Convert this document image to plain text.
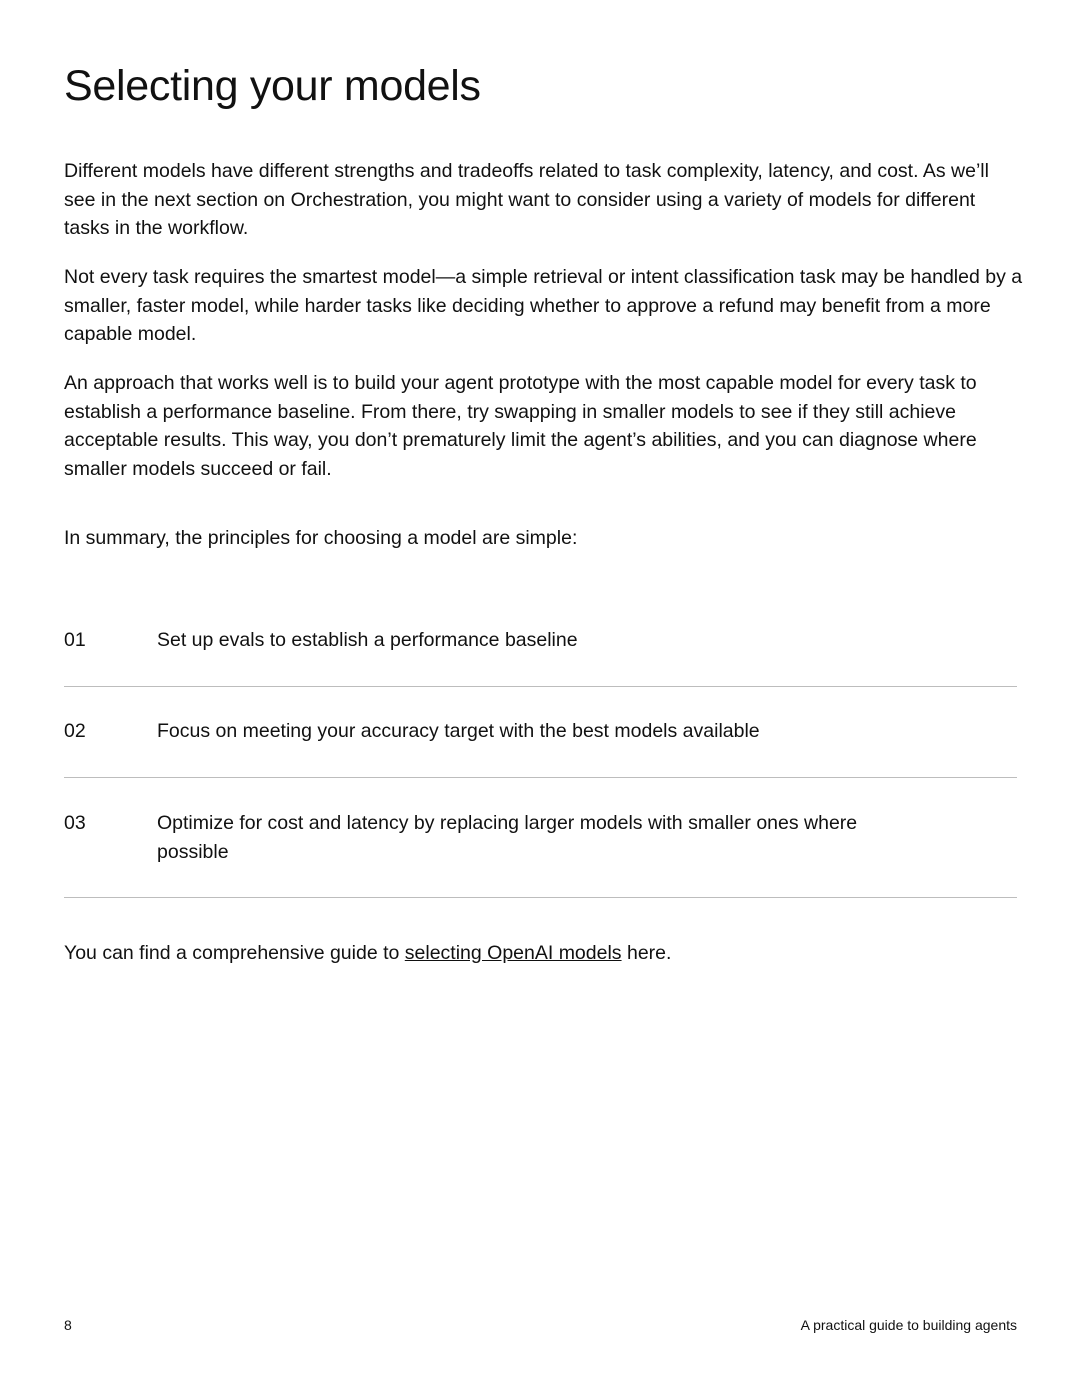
Selecting your models

Different models have different strengths and tradeoffs related to task complexity, latency, and cost. As we’ll see in the next section on Orchestration, you might want to consider using a variety of models for different tasks in the workflow.

Not every task requires the smartest model—a simple retrieval or intent classification task may be handled by a smaller, faster model, while harder tasks like deciding whether to approve a refund may benefit from a more capable model.

An approach that works well is to build your agent prototype with the most capable model for every task to establish a performance baseline. From there, try swapping in smaller models to see if they still achieve acceptable results. This way, you don’t prematurely limit the agent’s abilities, and you can diagnose where smaller models succeed or fail.

In summary, the principles for choosing a model are simple:

01	Set up evals to establish a performance baseline
02	Focus on meeting your accuracy target with the best models available
03	Optimize for cost and latency by replacing larger models with smaller ones where possible

You can find a comprehensive guide to selecting OpenAI models here.

8	A practical guide to building agents
